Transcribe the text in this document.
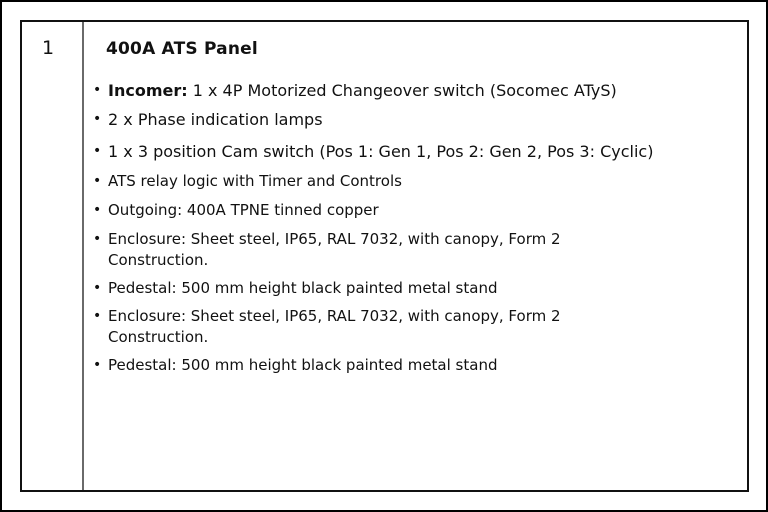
1	400A ATS Panel
• Incomer: 1 x 4P Motorized Changeover switch (Socomec ATyS)
• 2 x Phase indication lamps
• 1 x 3 position Cam switch (Pos 1: Gen 1, Pos 2: Gen 2, Pos 3: Cyclic)
• ATS relay logic with Timer and Controls
• Outgoing: 400A TPNE tinned copper
• Enclosure: Sheet steel, IP65, RAL 7032, with canopy, Form 2
Construction.
• Pedestal: 500 mm height black painted metal stand
• Enclosure: Sheet steel, IP65, RAL 7032, with canopy, Form 2
Construction.
• Pedestal: 500 mm height black painted metal stand
